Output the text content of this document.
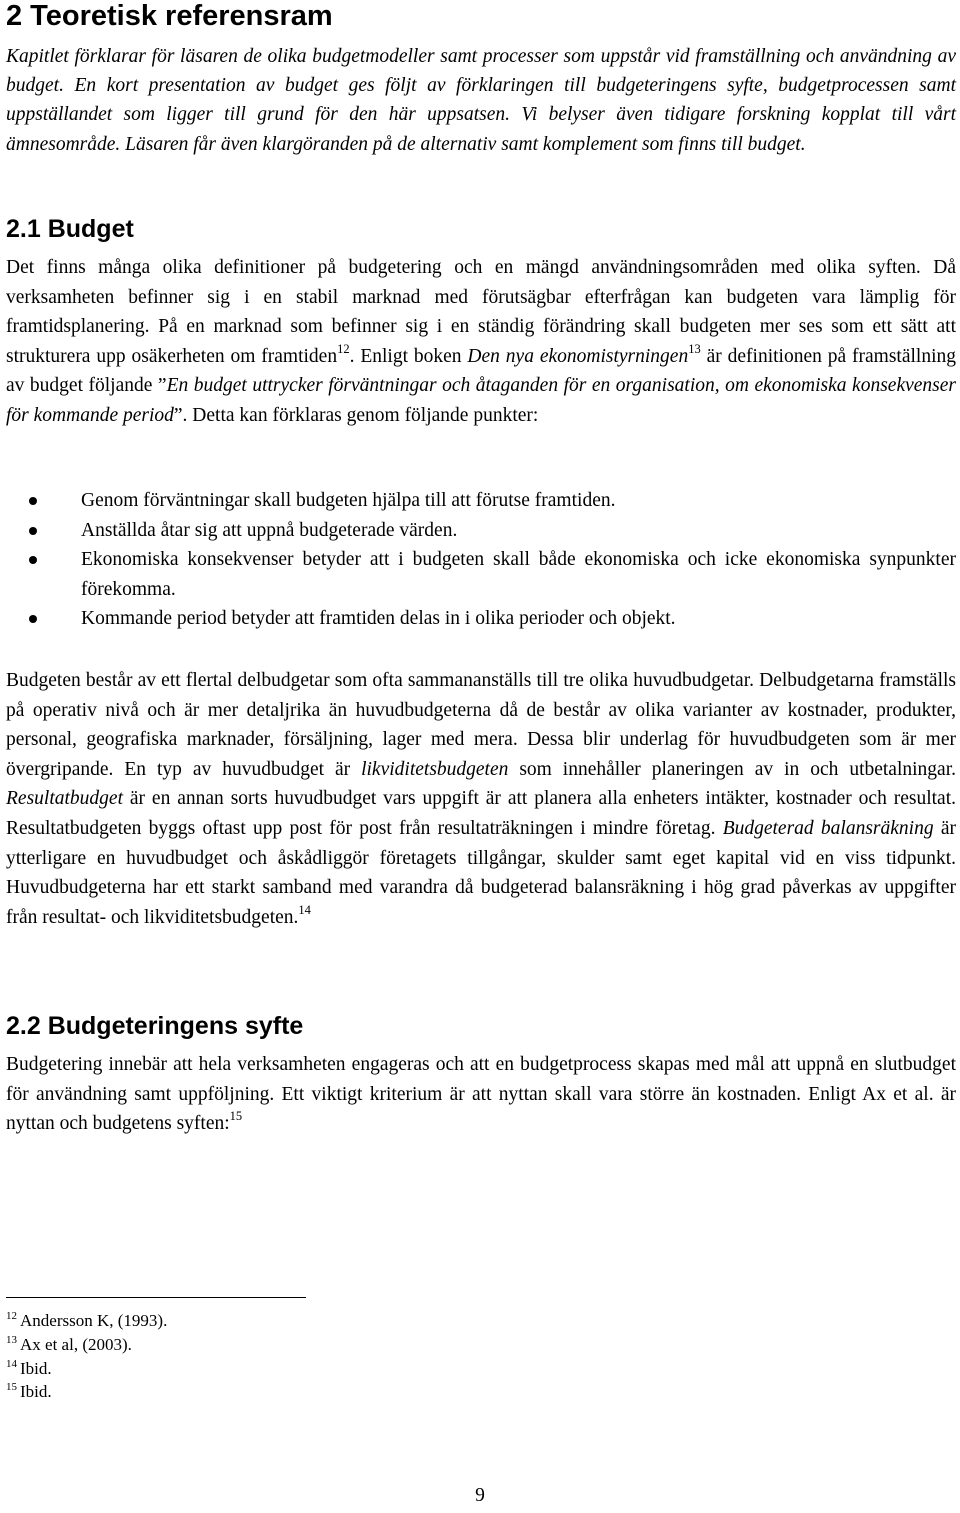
2 Teoretisk referensram

Kapitlet förklarar för läsaren de olika budgetmodeller samt processer som uppstår vid framställning och användning av budget. En kort presentation av budget ges följt av förklaringen till budgeteringens syfte, budgetprocessen samt uppställandet som ligger till grund för den här uppsatsen. Vi belyser även tidigare forskning kopplat till vårt ämnesområde. Läsaren får även klargöranden på de alternativ samt komplement som finns till budget.

2.1 Budget

Det finns många olika definitioner på budgetering och en mängd användningsområden med olika syften. Då verksamheten befinner sig i en stabil marknad med förutsägbar efterfrågan kan budgeten vara lämplig för framtidsplanering. På en marknad som befinner sig i en ständig förändring skall budgeten mer ses som ett sätt att strukturera upp osäkerheten om framtiden$^{12}$. Enligt boken Den nya ekonomistyrningen$^{13}$ är definitionen på framställning av budget följande ”En budget uttrycker förväntningar och åtaganden för en organisation, om ekonomiska konsekvenser för kommande period”. Detta kan förklaras genom följande punkter:

Genom förväntningar skall budgeten hjälpa till att förutse framtiden.
Anställda åtar sig att uppnå budgeterade värden.
Ekonomiska konsekvenser betyder att i budgeten skall både ekonomiska och icke ekonomiska synpunkter förekomma.
Kommande period betyder att framtiden delas in i olika perioder och objekt.

Budgeten består av ett flertal delbudgetar som ofta sammananställs till tre olika huvudbudgetar. Delbudgetarna framställs på operativ nivå och är mer detaljrika än huvudbudgeterna då de består av olika varianter av kostnader, produkter, personal, geografiska marknader, försäljning, lager med mera. Dessa blir underlag för huvudbudgeten som är mer övergripande. En typ av huvudbudget är likviditetsbudgeten som innehåller planeringen av in och utbetalningar. Resultatbudget är en annan sorts huvudbudget vars uppgift är att planera alla enheters intäkter, kostnader och resultat. Resultatbudgeten byggs oftast upp post för post från resultaträkningen i mindre företag. Budgeterad balansräkning är ytterligare en huvudbudget och åskådliggör företagets tillgångar, skulder samt eget kapital vid en viss tidpunkt. Huvudbudgeterna har ett starkt samband med varandra då budgeterad balansräkning i hög grad påverkas av uppgifter från resultat- och likviditetsbudgeten.$^{14}$

2.2 Budgeteringens syfte

Budgetering innebär att hela verksamheten engageras och att en budgetprocess skapas med mål att uppnå en slutbudget för användning samt uppföljning. Ett viktigt kriterium är att nyttan skall vara större än kostnaden. Enligt Ax et al. är nyttan och budgetens syften:$^{15}$

$^{12}$ Andersson K, (1993).
$^{13}$ Ax et al, (2003).
$^{14}$ Ibid.
$^{15}$ Ibid.
9
